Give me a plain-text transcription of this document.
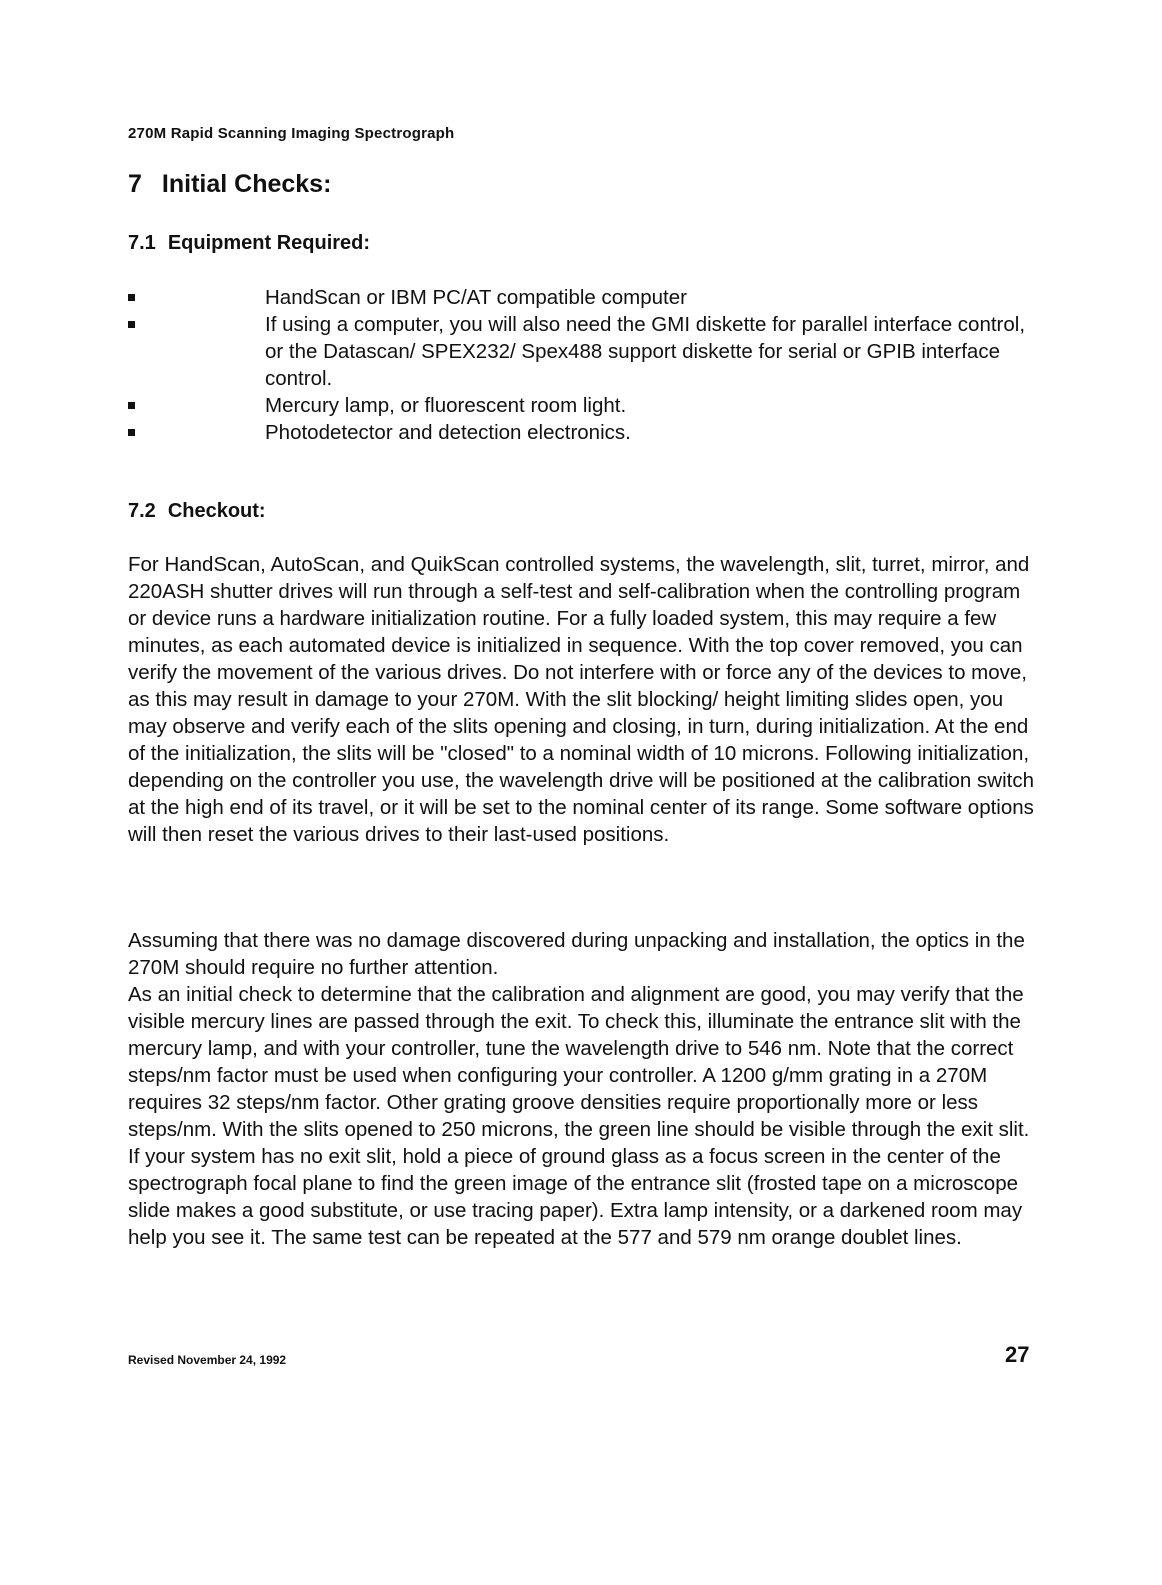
270M Rapid Scanning Imaging Spectrograph
7 Initial Checks:
7.1 Equipment Required:
HandScan or IBM PC/AT compatible computer
If using a computer, you will also need the GMI diskette for parallel interface control, or the Datascan/ SPEX232/ Spex488 support diskette for serial or GPIB interface control.
Mercury lamp, or fluorescent room light.
Photodetector and detection electronics.
7.2 Checkout:

For HandScan, AutoScan, and QuikScan controlled systems, the wavelength, slit, turret, mirror, and 220ASH shutter drives will run through a self-test and self-calibration when the controlling program or device runs a hardware initialization routine. For a fully loaded system, this may require a few minutes, as each automated device is initialized in sequence. With the top cover removed, you can verify the movement of the various drives. Do not interfere with or force any of the devices to move, as this may result in damage to your 270M. With the slit blocking/ height limiting slides open, you may observe and verify each of the slits opening and closing, in turn, during initialization. At the end of the initialization, the slits will be "closed" to a nominal width of 10 microns. Following initialization, depending on the controller you use, the wavelength drive will be positioned at the calibration switch at the high end of its travel, or it will be set to the nominal center of its range. Some software options will then reset the various drives to their last-used positions.

Assuming that there was no damage discovered during unpacking and installation, the optics in the 270M should require no further attention.
As an initial check to determine that the calibration and alignment are good, you may verify that the visible mercury lines are passed through the exit. To check this, illuminate the entrance slit with the mercury lamp, and with your controller, tune the wavelength drive to 546 nm. Note that the correct steps/nm factor must be used when configuring your controller. A 1200 g/mm grating in a 270M requires 32 steps/nm factor. Other grating groove densities require proportionally more or less steps/nm. With the slits opened to 250 microns, the green line should be visible through the exit slit. If your system has no exit slit, hold a piece of ground glass as a focus screen in the center of the spectrograph focal plane to find the green image of the entrance slit (frosted tape on a microscope slide makes a good substitute, or use tracing paper). Extra lamp intensity, or a darkened room may help you see it. The same test can be repeated at the 577 and 579 nm orange doublet lines.
Revised November 24, 1992	27
